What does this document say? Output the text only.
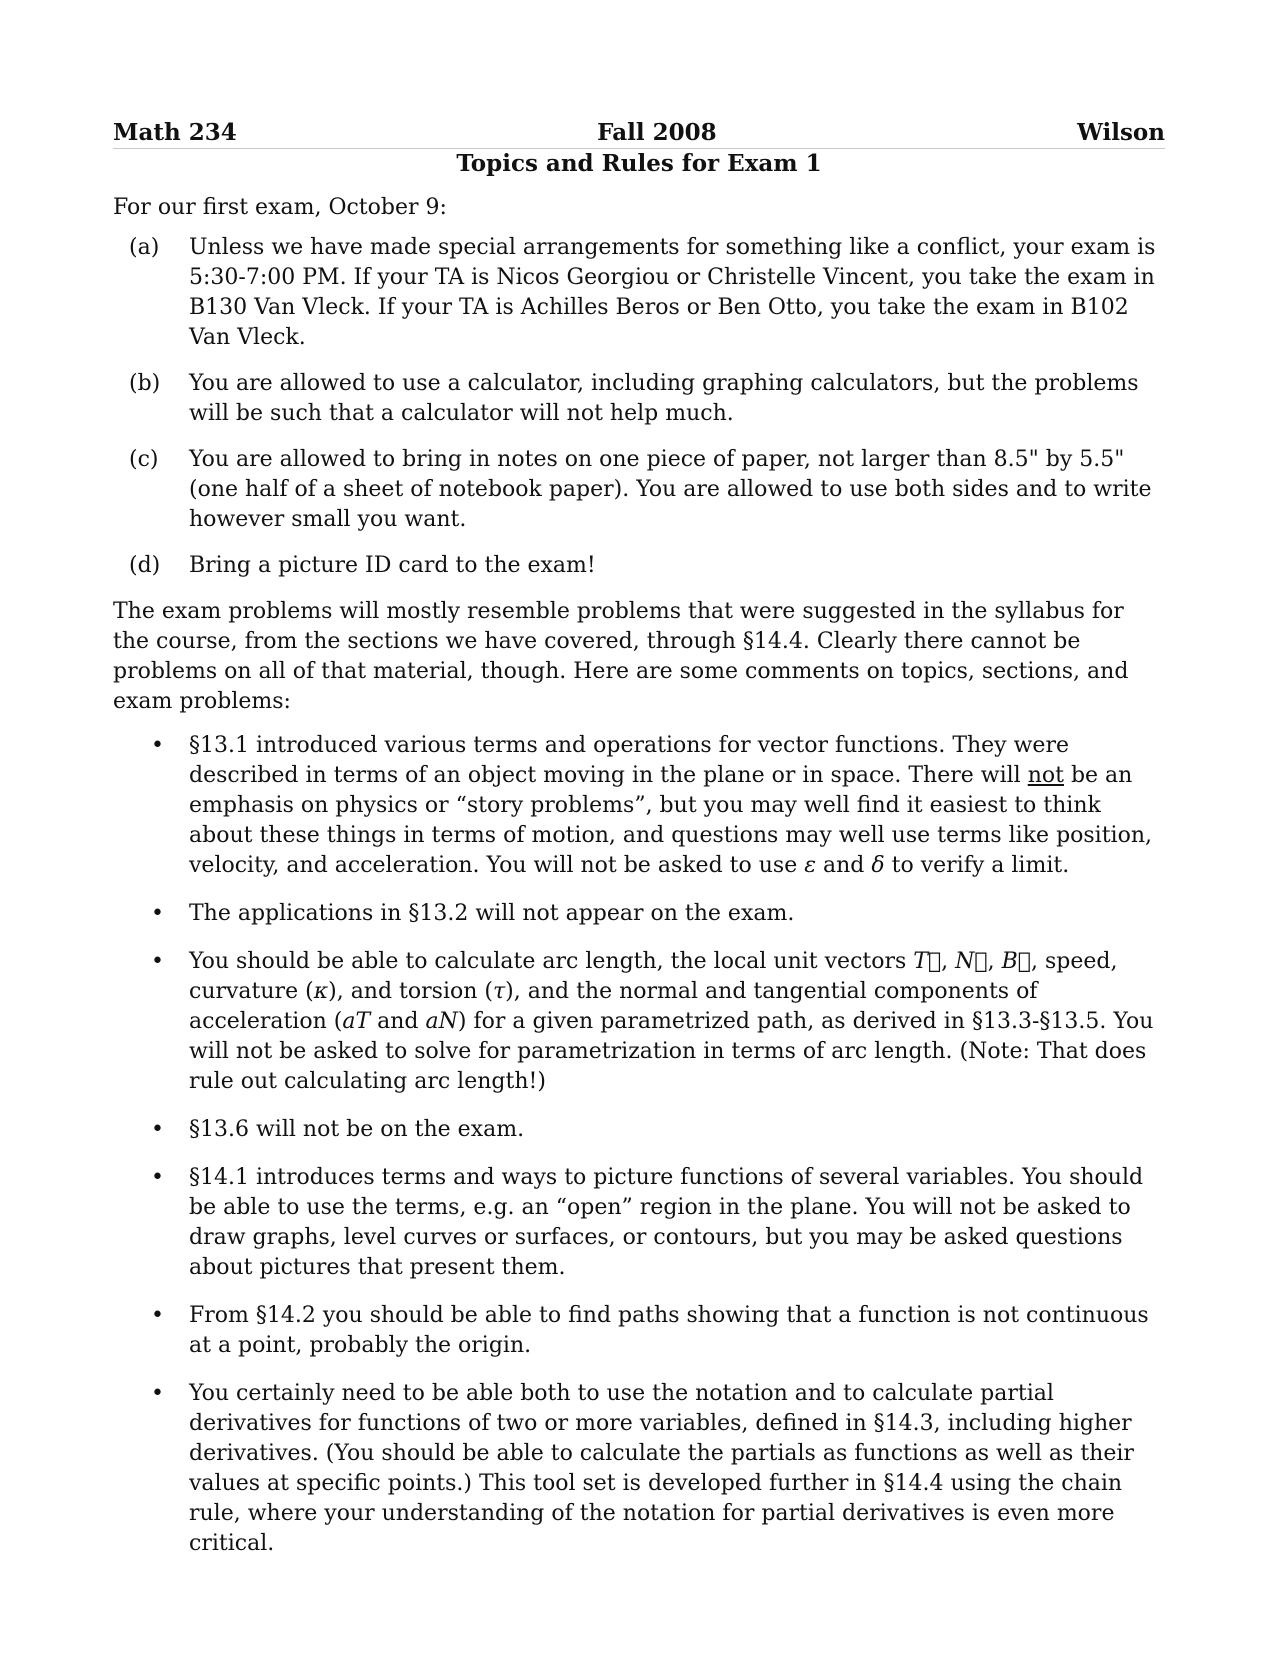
Math 234	Fall 2008	Wilson
Topics and Rules for Exam 1
For our first exam, October 9:
(a)	Unless we have made special arrangements for something like a conflict, your exam is 5:30-7:00 PM. If your TA is Nicos Georgiou or Christelle Vincent, you take the exam in B130 Van Vleck. If your TA is Achilles Beros or Ben Otto, you take the exam in B102 Van Vleck.
(b)	You are allowed to use a calculator, including graphing calculators, but the problems will be such that a calculator will not help much.
(c)	You are allowed to bring in notes on one piece of paper, not larger than 8.5" by 5.5" (one half of a sheet of notebook paper). You are allowed to use both sides and to write however small you want.
(d)	Bring a picture ID card to the exam!
The exam problems will mostly resemble problems that were suggested in the syllabus for the course, from the sections we have covered, through §14.4. Clearly there cannot be problems on all of that material, though. Here are some comments on topics, sections, and exam problems:
• §13.1 introduced various terms and operations for vector functions. They were described in terms of an object moving in the plane or in space. There will not be an emphasis on physics or “story problems”, but you may well find it easiest to think about these things in terms of motion, and questions may well use terms like position, velocity, and acceleration. You will not be asked to use ε and δ to verify a limit.
• The applications in §13.2 will not appear on the exam.
• You should be able to calculate arc length, the local unit vectors T⃗, N⃗, B⃗, speed, curvature (κ), and torsion (τ), and the normal and tangential components of acceleration (aT and aN) for a given parametrized path, as derived in §13.3-§13.5. You will not be asked to solve for parametrization in terms of arc length. (Note: That does rule out calculating arc length!)
• §13.6 will not be on the exam.
• §14.1 introduces terms and ways to picture functions of several variables. You should be able to use the terms, e.g. an “open” region in the plane. You will not be asked to draw graphs, level curves or surfaces, or contours, but you may be asked questions about pictures that present them.
• From §14.2 you should be able to find paths showing that a function is not continuous at a point, probably the origin.
• You certainly need to be able both to use the notation and to calculate partial derivatives for functions of two or more variables, defined in §14.3, including higher derivatives. (You should be able to calculate the partials as functions as well as their values at specific points.) This tool set is developed further in §14.4 using the chain rule, where your understanding of the notation for partial derivatives is even more critical.
